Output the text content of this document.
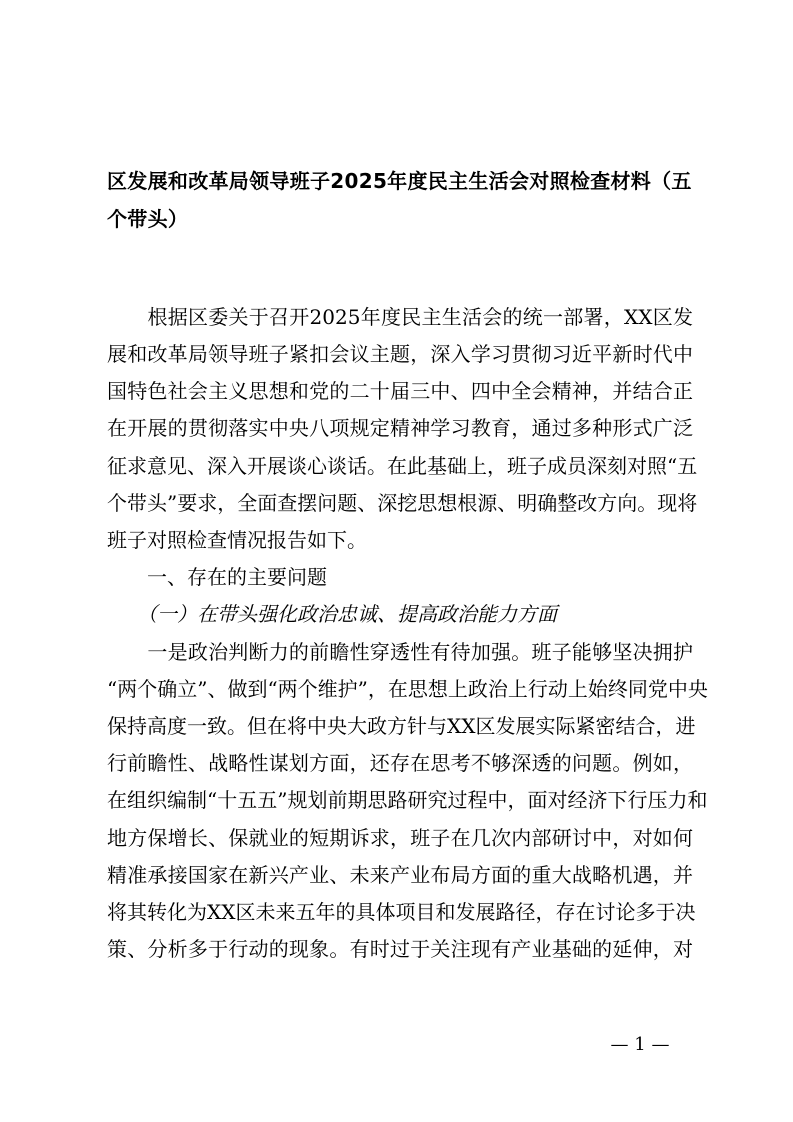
区发展和改革局领导班子2025年度民主生活会对照检查材料（五个带头）
　　根据区委关于召开2025年度民主生活会的统一部署，XX区发
展和改革局领导班子紧扣会议主题，深入学习贯彻习近平新时代中
国特色社会主义思想和党的二十届三中、四中全会精神，并结合正
在开展的贯彻落实中央八项规定精神学习教育，通过多种形式广泛
征求意见、深入开展谈心谈话。在此基础上，班子成员深刻对照“五
个带头”要求，全面查摆问题、深挖思想根源、明确整改方向。现将
班子对照检查情况报告如下。
　　一、存在的主要问题
　　（一）在带头强化政治忠诚、提高政治能力方面
　　一是政治判断力的前瞻性穿透性有待加强。班子能够坚决拥护
“两个确立”、做到“两个维护”，在思想上政治上行动上始终同党中央
保持高度一致。但在将中央大政方针与XX区发展实际紧密结合，进
行前瞻性、战略性谋划方面，还存在思考不够深透的问题。例如，
在组织编制“十五五”规划前期思路研究过程中，面对经济下行压力和
地方保增长、保就业的短期诉求，班子在几次内部研讨中，对如何
精准承接国家在新兴产业、未来产业布局方面的重大战略机遇，并
将其转化为XX区未来五年的具体项目和发展路径，存在讨论多于决
策、分析多于行动的现象。有时过于关注现有产业基础的延伸，对
— 1 —
